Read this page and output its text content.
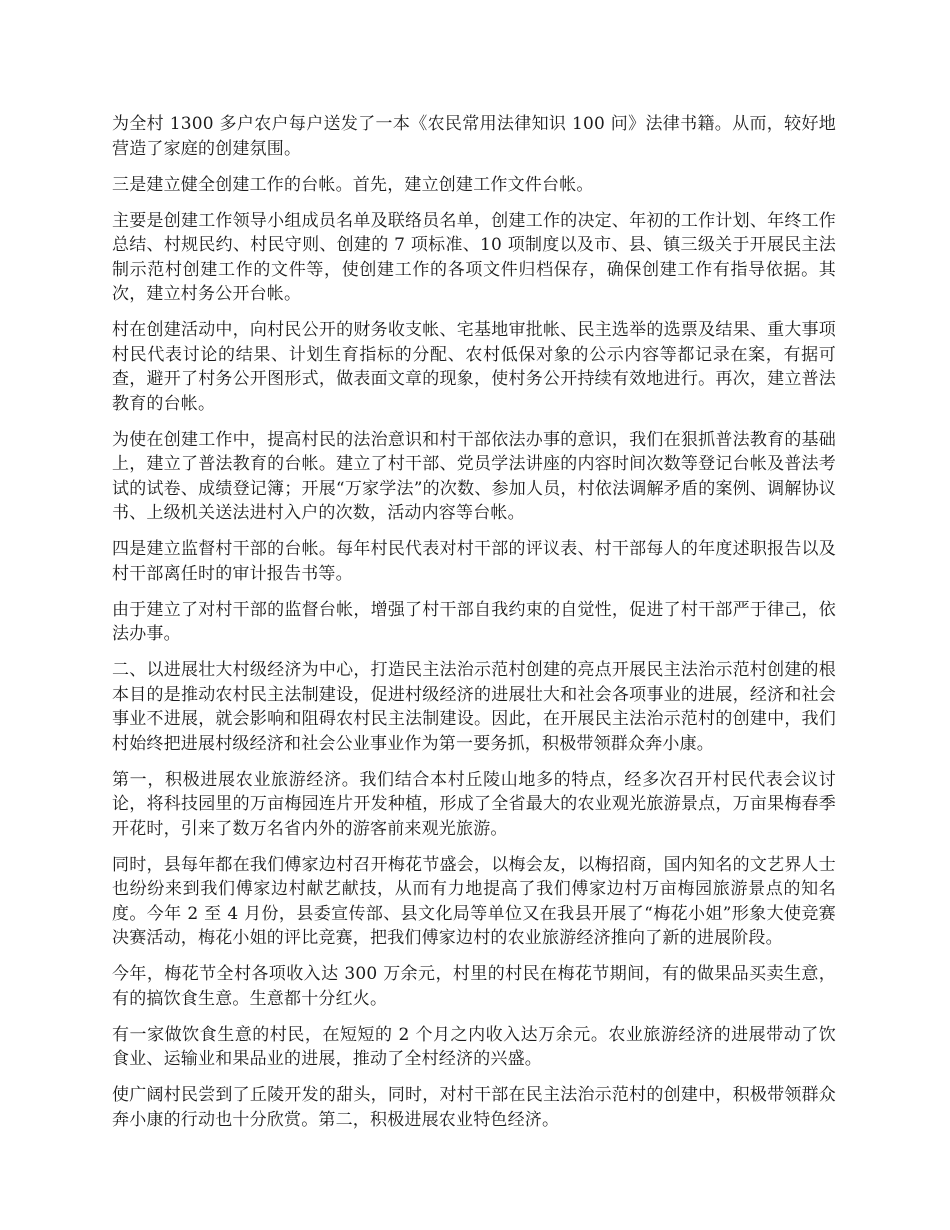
为全村 1300 多户农户每户送发了一本《农民常用法律知识 100 问》法律书籍。从而，较好地营造了家庭的创建氛围。

三是建立健全创建工作的台帐。首先，建立创建工作文件台帐。

主要是创建工作领导小组成员名单及联络员名单，创建工作的决定、年初的工作计划、年终工作总结、村规民约、村民守则、创建的 7 项标准、10 项制度以及市、县、镇三级关于开展民主法制示范村创建工作的文件等，使创建工作的各项文件归档保存，确保创建工作有指导依据。其次，建立村务公开台帐。

村在创建活动中，向村民公开的财务收支帐、宅基地审批帐、民主选举的选票及结果、重大事项村民代表讨论的结果、计划生育指标的分配、农村低保对象的公示内容等都记录在案，有据可查，避开了村务公开图形式，做表面文章的现象，使村务公开持续有效地进行。再次，建立普法教育的台帐。

为使在创建工作中，提高村民的法治意识和村干部依法办事的意识，我们在狠抓普法教育的基础上，建立了普法教育的台帐。建立了村干部、党员学法讲座的内容时间次数等登记台帐及普法考试的试卷、成绩登记簿；开展“万家学法”的次数、参加人员，村依法调解矛盾的案例、调解协议书、上级机关送法进村入户的次数，活动内容等台帐。

四是建立监督村干部的台帐。每年村民代表对村干部的评议表、村干部每人的年度述职报告以及村干部离任时的审计报告书等。

由于建立了对村干部的监督台帐，增强了村干部自我约束的自觉性，促进了村干部严于律己，依法办事。

二、以进展壮大村级经济为中心，打造民主法治示范村创建的亮点开展民主法治示范村创建的根本目的是推动农村民主法制建设，促进村级经济的进展壮大和社会各项事业的进展，经济和社会事业不进展，就会影响和阻碍农村民主法制建设。因此，在开展民主法治示范村的创建中，我们村始终把进展村级经济和社会公业事业作为第一要务抓，积极带领群众奔小康。

第一，积极进展农业旅游经济。我们结合本村丘陵山地多的特点，经多次召开村民代表会议讨论，将科技园里的万亩梅园连片开发种植，形成了全省最大的农业观光旅游景点，万亩果梅春季开花时，引来了数万名省内外的游客前来观光旅游。

同时，县每年都在我们傅家边村召开梅花节盛会，以梅会友，以梅招商，国内知名的文艺界人士也纷纷来到我们傅家边村献艺献技，从而有力地提高了我们傅家边村万亩梅园旅游景点的知名度。今年 2 至 4 月份，县委宣传部、县文化局等单位又在我县开展了“梅花小姐”形象大使竞赛决赛活动，梅花小姐的评比竞赛，把我们傅家边村的农业旅游经济推向了新的进展阶段。

今年，梅花节全村各项收入达 300 万余元，村里的村民在梅花节期间，有的做果品买卖生意，有的搞饮食生意。生意都十分红火。

有一家做饮食生意的村民，在短短的 2 个月之内收入达万余元。农业旅游经济的进展带动了饮食业、运输业和果品业的进展，推动了全村经济的兴盛。

使广阔村民尝到了丘陵开发的甜头，同时，对村干部在民主法治示范村的创建中，积极带领群众奔小康的行动也十分欣赏。第二，积极进展农业特色经济。
